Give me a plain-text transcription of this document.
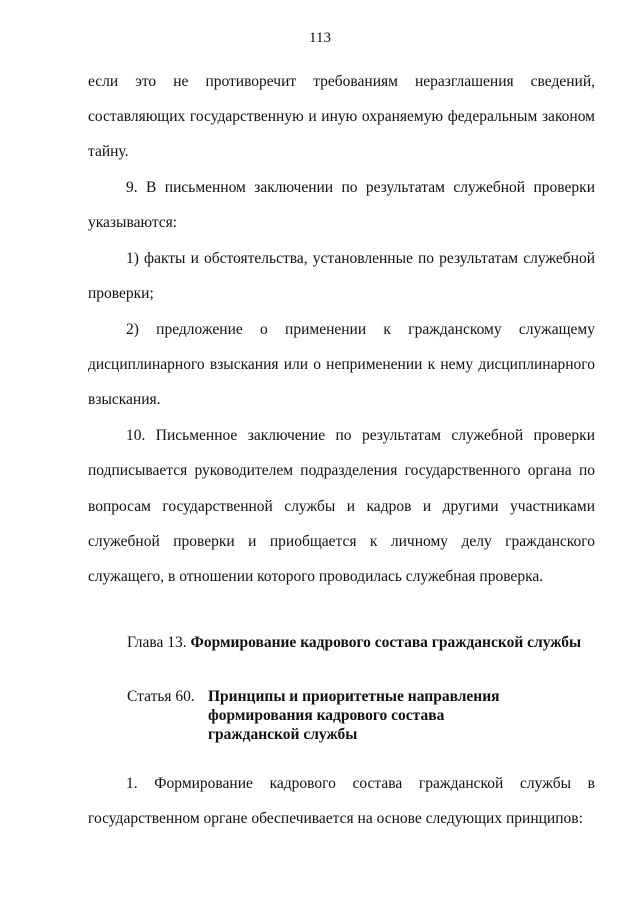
113
если это не противоречит требованиям неразглашения сведений,
составляющих государственную и иную охраняемую федеральным законом
тайну.
9. В письменном заключении по результатам служебной проверки
указываются:
1) факты и обстоятельства, установленные по результатам служебной
проверки;
2) предложение о применении к гражданскому служащему
дисциплинарного взыскания или о неприменении к нему дисциплинарного
взыскания.
10. Письменное заключение по результатам служебной проверки
подписывается руководителем подразделения государственного органа по
вопросам государственной службы и кадров и другими участниками
служебной проверки и приобщается к личному делу гражданского
служащего, в отношении которого проводилась служебная проверка.
Глава 13. Формирование кадрового состава гражданской службы
Статья 60. Принципы и приоритетные направления
формирования кадрового состава
гражданской службы
1. Формирование кадрового состава гражданской службы в
государственном органе обеспечивается на основе следующих принципов:
